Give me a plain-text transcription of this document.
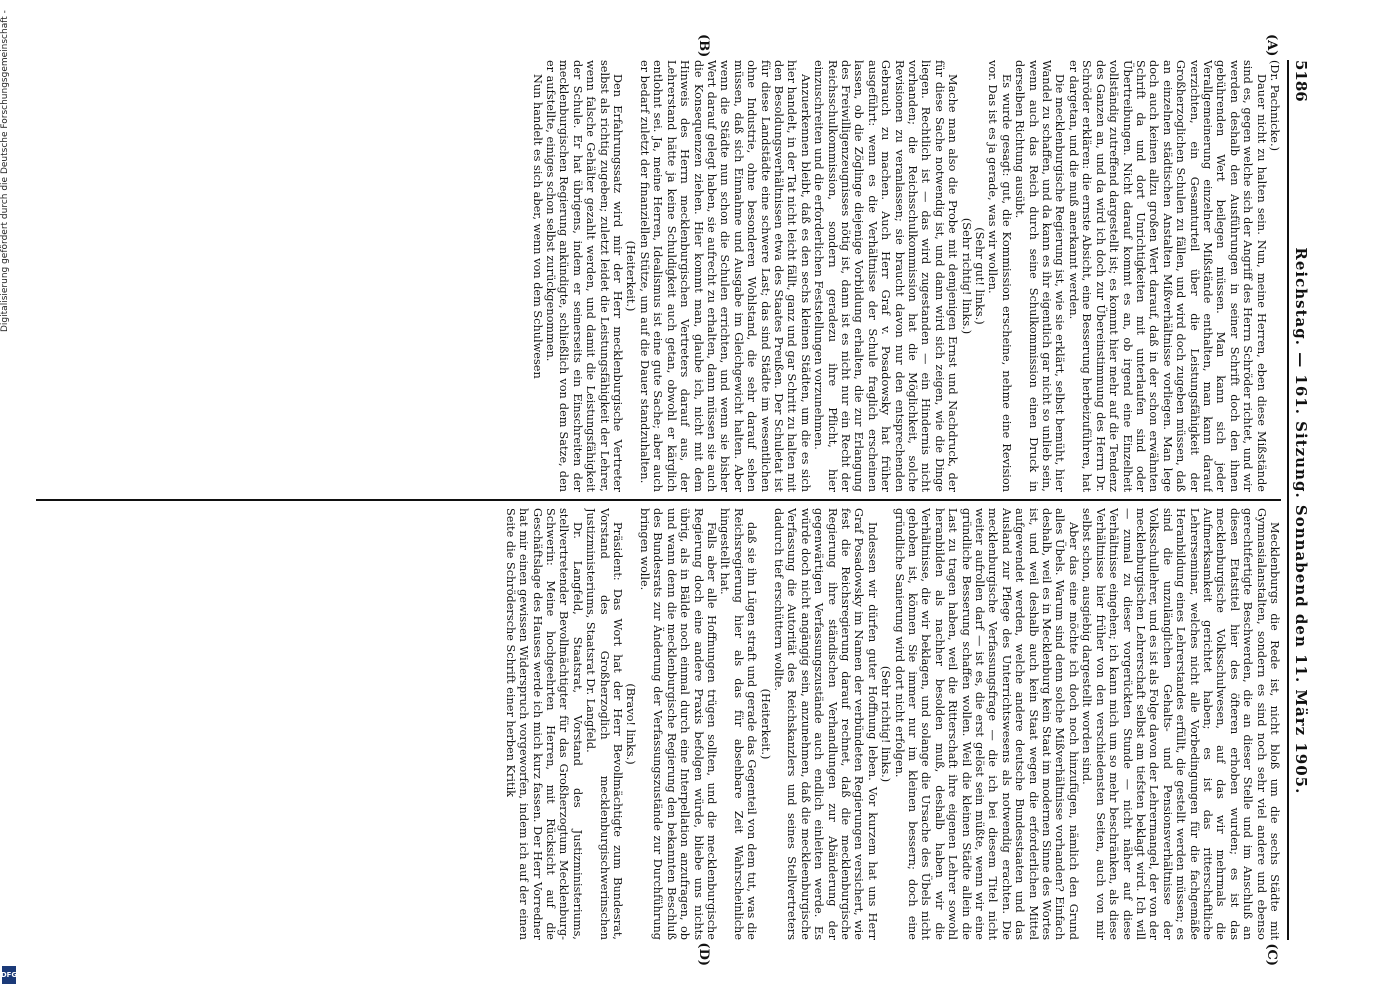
5186
Reichstag. — 161. Sitzung. Sonnabend den 11. März 1905.
(A)
(B)
(C)
(D)

(Dr. Pachnicke.)

Dauer nicht zu halten sein. Nun, meine Herren, eben diese Mißstände sind es, gegen welche sich der Angriff des Herrn Schröder richtet, und wir werden deshalb den Ausführungen in seiner Schrift doch den ihnen gebührenden Wert beilegen müssen. Man kann sich jeder Verallgemeinerung einzelner Mißstände enthalten, man kann darauf verzichten, ein Gesamturteil über die Leistungsfähigkeit der Großherzoglichen Schulen zu fällen, und wird doch zugeben müssen, daß an einzelnen städtischen Anstalten Mißverhältnisse vorliegen. Man lege doch auch keinen allzu großen Wert darauf, daß in der schon erwähnten Schrift da und dort Unrichtigkeiten mit unterlaufen sind oder Übertreibungen. Nicht darauf kommt es an, ob irgend eine Einzelheit vollständig zutreffend dargestellt ist; es kommt hier mehr auf die Tendenz des Ganzen an, und da wird ich doch zur Übereinstimmung des Herrn Dr. Schröder erklären: die ernste Absicht, eine Besserung herbeizuführen, hat er dargetan, und die muß anerkannt werden.

Die mecklenburgische Regierung ist, wie sie erklärt, selbst bemüht, hier Wandel zu schaffen, und da kann es ihr eigentlich gar nicht so unlieb sein, wenn auch das Reich durch seine Schulkommission einen Druck in derselben Richtung ausübt.

Es wurde gesagt: gut, die Kommission erscheine, nehme eine Revision vor. Das ist es ja gerade, was wir wollen.

(Sehr gut! links.)

(Sehr richtig! links.)

Mache man also die Probe mit demjenigen Ernst und Nachdruck, der für diese Sache notwendig ist, und dann wird sich zeigen, wie die Dinge liegen. Rechtlich ist — das wird zugestanden — ein Hindernis nicht vorhanden; die Reichsschulkommission hat die Möglichkeit, solche Revisionen zu veranlassen; sie braucht davon nur den entsprechenden Gebrauch zu machen. Auch Herr Graf v. Posadowsky hat früher ausgeführt: wenn es die Verhältnisse der Schule fraglich erscheinen lassen, ob die Zöglinge diejenige Vorbildung erhalten, die zur Erlangung des Freiwilligenzeugnisses nötig ist, dann ist es nicht nur ein Recht der Reichsschulkommission, sondern geradezu ihre Pflicht, hier einzuschreiten und die erforderlichen Feststellungen vorzunehmen.

Anzuerkennen bleibt, daß es den sechs kleinen Städten, um die es sich hier handelt, in der Tat nicht leicht fällt, ganz und gar Schritt zu halten mit den Besoldungsverhältnissen etwa des Staates Preußen. Der Schuletat ist für diese Landstädte eine schwere Last; das sind Städte im wesentlichen ohne Industrie, ohne besonderen Wohlstand, die sehr darauf sehen müssen, daß sich Einnahme und Ausgabe im Gleichgewicht halten. Aber wenn die Städte nun schon die Schulen errichten, und wenn sie bisher Wert darauf gelegt haben, sie aufrecht zu erhalten, dann müssen sie auch die Konsequenzen ziehen. Hier kommt man, glaube ich, nicht mit dem Hinweis des Herrn mecklenburgischen Vertreters darauf aus, der Lehrerstand hätte ja keine Schuldigkeit auch getan, obwohl er kärglich entlohnt sei. Ja, meine Herren, Idealismus ist eine gute Sache; aber auch er bedarf zuletzt der finanziellen Stütze, um auf die Dauer standzuhalten.

(Heiterkeit.)

Den Erfahrungssatz wird mir der Herr mecklenburgische Vertreter selbst als richtig zugeben; zuletzt leidet die Leistungsfähigkeit der Lehrer, wenn falsche Gehälter gezahlt werden, und damit die Leistungsfähigkeit der Schule. Er hat übrigens, indem er seinerseits ein Einschreiten der mecklenburgischen Regierung ankündigte, schließlich von dem Satze, den er aufstellte, einiges schon selbst zurückgenommen.

Nun handelt es sich aber, wenn von dem Schulwesen

Mecklenburgs die Rede ist, nicht bloß um die sechs Städte mit Gymnasialanstalten, sondern es sind noch sehr viel andere und ebenso gerechtfertigte Beschwerden, die an dieser Stelle und im Anschluß an diesen Etatstitel hier des öfteren erhoben wurden; es ist das mecklenburgische Volksschulwesen, auf das wir mehrmals die Aufmerksamkeit gerichtet haben; es ist das ritterschaftliche Lehrerseminar, welches nicht alle Vorbedingungen für die fachgemäße Heranbildung eines Lehrerstandes erfüllt, die gestellt werden müssen; es sind die unzulänglichen Gehalts- und Pensionsverhältnisse der Volksschullehrer, und es ist als Folge davon der Lehrermangel, der von der mecklenburgischen Lehrerschaft selbst am tiefsten beklagt wird. Ich will — zumal zu dieser vorgerückten Stunde — nicht näher auf diese Verhältnisse eingehen; ich kann mich um so mehr beschränken, als diese Verhältnisse hier früher von den verschiedensten Seiten, auch von mir selbst schon, ausgiebig dargestellt worden sind.

Aber das eine möchte ich doch noch hinzufügen, nämlich den Grund alles Übels. Warum sind denn solche Mißverhältnisse vorhanden? Einfach deshalb, weil es in Mecklenburg kein Staat im modernen Sinne des Wortes ist, und weil deshalb auch kein Staat wegen die erforderlichen Mittel aufgewendet werden, welche andere deutsche Bundesstaaten und das Ausland zur Pflege des Unterrichtswesens als notwendig erachten. Die mecklenburgische Verfassungsfrage — die ich bei diesem Titel nicht weiter aufrollen darf — ist es, die erst gelöst sein müßte, wenn wir eine gründliche Besserung schaffen wollen. Weil die kleinen Städte allein die Last zu tragen haben, weil die Ritterschaft ihre eigenen Lehrer sowohl heranbilden als nachher besolden muß, deshalb haben wir die Verhältnisse, die wir beklagen, und solange die Ursache des Übels nicht gehoben ist, können Sie immer nur im kleinen bessern; doch eine gründliche Sanierung wird dort nicht erfolgen.

(Sehr richtig! links.)

Indessen wir dürfen guter Hoffnung leben. Vor kurzem hat uns Herr Graf Posadowsky im Namen der verbündeten Regierungen versichert, wie fest die Reichsregierung darauf rechnet, daß die mecklenburgische Regierung ihre ständischen Verhandlungen zur Abänderung der gegenwärtigen Verfassungszustände auch endlich einleiten werde. Es würde doch nicht angängig sein, anzunehmen, daß die meckleenburgische Verfassung die Autorität des Reichskanzlers und seines Stellvertreters dadurch tief erschüttern wollte.

(Heiterkeit.)

daß sie ihn Lügen straft und gerade das Gegenteil von dem tut, was die Reichsregierung hier als das für absehbare Zeit Wahrscheinliche hingestellt hat.

Falls aber alle Hoffnungen trügen sollten, und die mecklenburgische Regierung doch eine andere Praxis befolgen würde, bliebe uns nichts übrig, als in Bälde noch einmal durch eine Interpellation anzufragen, ob und wann denn die mecklenburgische Regierung den bekannten Beschluß des Bundesrats zur Änderung der Verfassungszustände zur Durchführung bringen wolle.

(Bravo! links.)

Präsident: Das Wort hat der Herr Bevollmächtigte zum Bundesrat, Vorstand des Großherzoglich mecklenburgischwerinschen Justizministeriums, Staatsrat Dr. Langfeld.

Dr. Langfeld, Staatsrat, Vorstand des Justizministeriums, stellvertretender Bevollmächtigter für das Großherzogtum Mecklenburg-Schwerin: Meine hochgeehrten Herren, mit Rücksicht auf die Geschäftslage des Hauses werde ich mich kurz fassen. Der Herr Vorredner hat mir einen gewissen Widerspruch vorgeworfen, indem ich auf der einen Seite die Schrödersche Schrift einer herben Kritik

Digitalisierung gefördert durch die Deutsche Forschungsgemeinschaft -
DFG
